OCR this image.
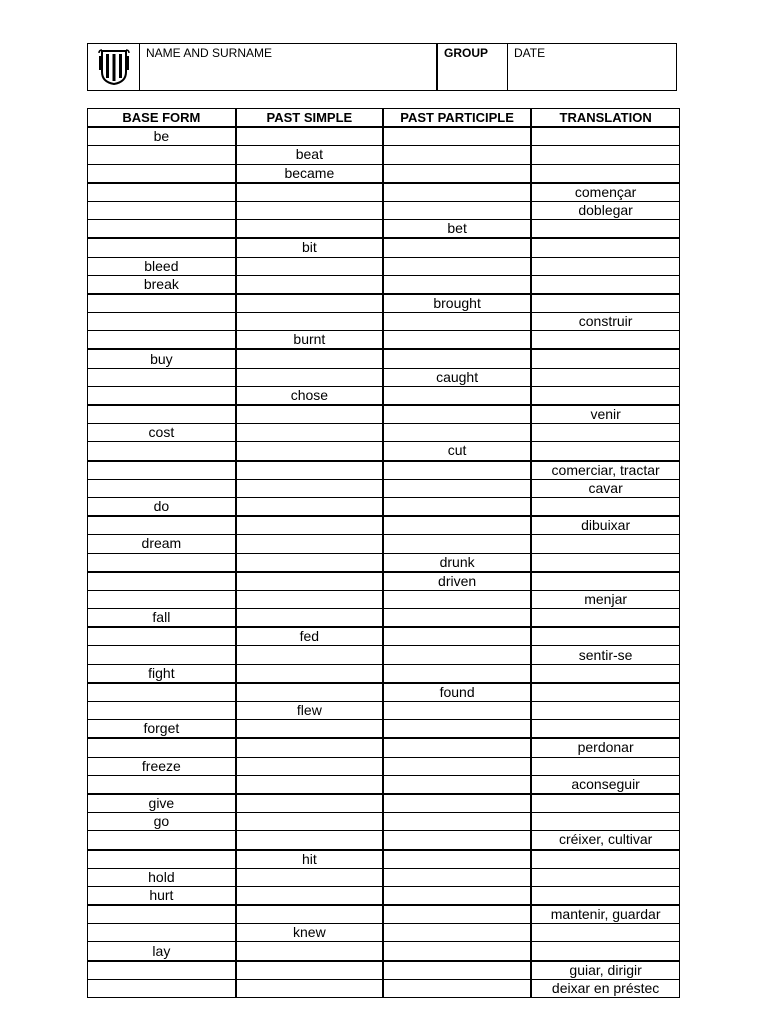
NAME AND SURNAME	GROUP	DATE
BASE FORM	PAST SIMPLE	PAST PARTICIPLE	TRANSLATION
be			
	beat		
	became		
			començar
			doblegar
		bet	
	bit		
bleed			
break			
		brought	
			construir
	burnt		
buy			
		caught	
	chose		
			venir
cost			
		cut	
			comerciar, tractar
			cavar
do			
			dibuixar
dream			
		drunk	
		driven	
			menjar
fall			
	fed		
			sentir-se
fight			
		found	
	flew		
forget			
			perdonar
freeze			
			aconseguir
give			
go			
			créixer, cultivar
	hit		
hold			
hurt			
			mantenir, guardar
	knew		
lay			
			guiar, dirigir
			deixar en préstec
